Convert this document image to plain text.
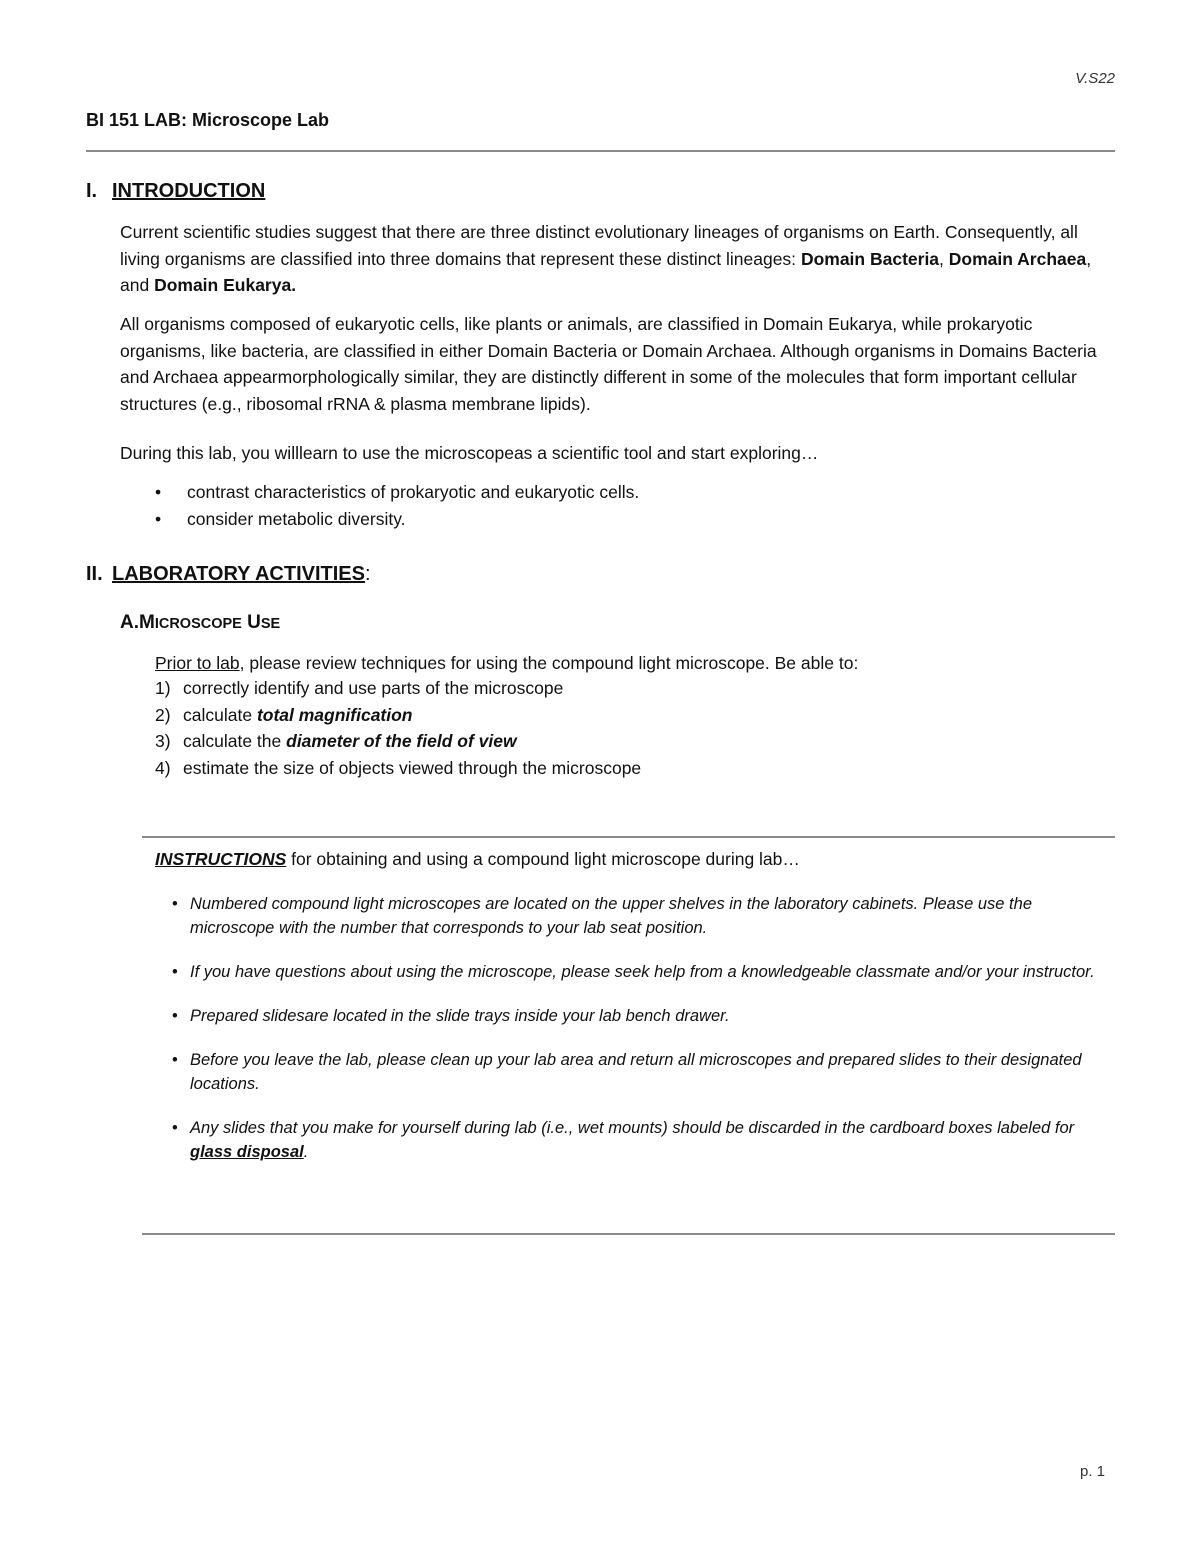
V.S22
BI 151 LAB: Microscope Lab
I. INTRODUCTION
Current scientific studies suggest that there are three distinct evolutionary lineages of organisms on Earth. Consequently, all living organisms are classified into three domains that represent these distinct lineages: Domain Bacteria, Domain Archaea, and Domain Eukarya.
All organisms composed of eukaryotic cells, like plants or animals, are classified in Domain Eukarya, while prokaryotic organisms, like bacteria, are classified in either Domain Bacteria or Domain Archaea. Although organisms in Domains Bacteria and Archaea appearmorphologically similar, they are distinctly different in some of the molecules that form important cellular structures (e.g., ribosomal rRNA & plasma membrane lipids).
During this lab, you willlearn to use the microscopeas a scientific tool and start exploring…
• contrast characteristics of prokaryotic and eukaryotic cells.
• consider metabolic diversity.
II. LABORATORY ACTIVITIES:
A.MICROSCOPE USE
Prior to lab, please review techniques for using the compound light microscope. Be able to:
1) correctly identify and use parts of the microscope
2) calculate total magnification
3) calculate the diameter of the field of view
4) estimate the size of objects viewed through the microscope
INSTRUCTIONS for obtaining and using a compound light microscope during lab…
• Numbered compound light microscopes are located on the upper shelves in the laboratory cabinets. Please use the microscope with the number that corresponds to your lab seat position.
• If you have questions about using the microscope, please seek help from a knowledgeable classmate and/or your instructor.
• Prepared slidesare located in the slide trays inside your lab bench drawer.
• Before you leave the lab, please clean up your lab area and return all microscopes and prepared slides to their designated locations.
• Any slides that you make for yourself during lab (i.e., wet mounts) should be discarded in the cardboard boxes labeled for glass disposal.
p. 1
